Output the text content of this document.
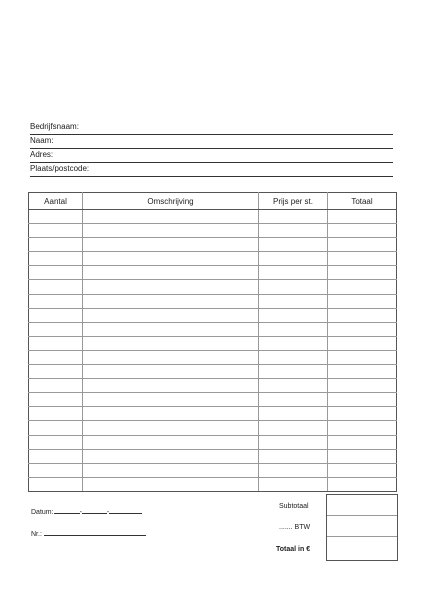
Bedrijfsnaam:
Naam:
Adres:
Plaats/postcode:
Aantal	Omschrijving	Prijs per st.	Totaal

Datum:	-	-
Nr.:
Subtotaal
....... BTW
Totaal in €
